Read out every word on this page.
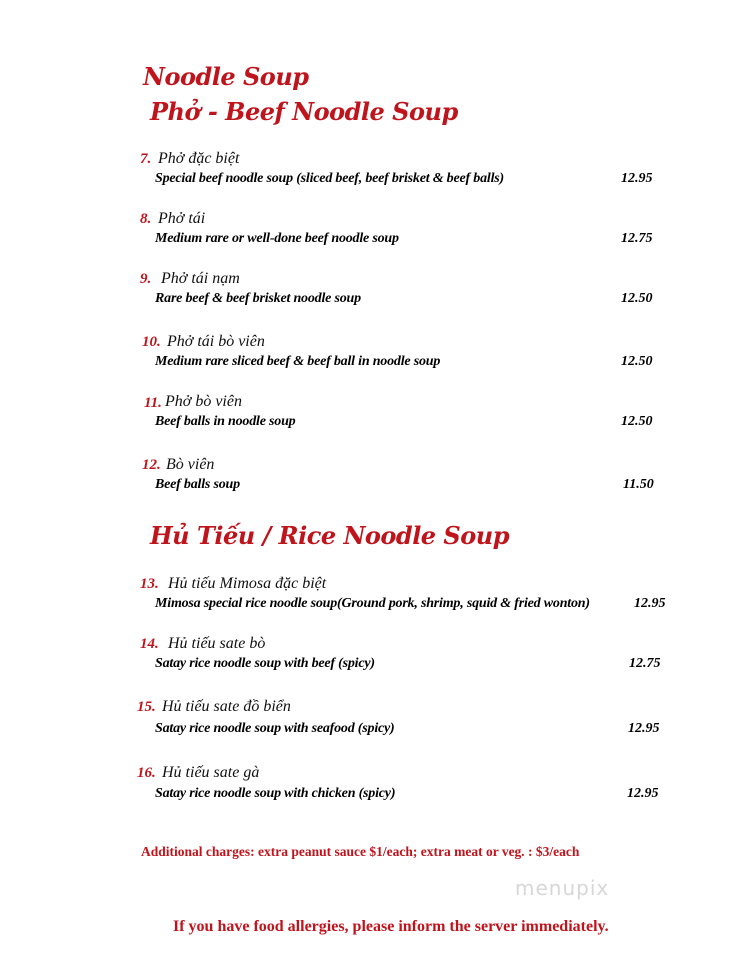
Noodle Soup
Phở - Beef Noodle Soup
7. Phở đặc biệt
Special beef noodle soup (sliced beef, beef brisket & beef balls)	12.95
8. Phở tái
Medium rare or well-done beef noodle soup	12.75
9. Phở tái nạm
Rare beef & beef brisket noodle soup	12.50
10. Phở tái bò viên
Medium rare sliced beef & beef ball in noodle soup	12.50
11. Phở bò viên
Beef balls in noodle soup	12.50
12. Bò viên
Beef balls soup	11.50
Hủ Tiếu / Rice Noodle Soup
13. Hủ tiếu Mimosa đặc biệt
Mimosa special rice noodle soup(Ground pork, shrimp, squid & fried wonton)	12.95
14. Hủ tiếu sate bò
Satay rice noodle soup with beef (spicy)	12.75
15. Hủ tiếu sate đồ biển
Satay rice noodle soup with seafood (spicy)	12.95
16. Hủ tiếu sate gà
Satay rice noodle soup with chicken (spicy)	12.95
Additional charges: extra peanut sauce $1/each; extra meat or veg. : $3/each
menupix
If you have food allergies, please inform the server immediately.
